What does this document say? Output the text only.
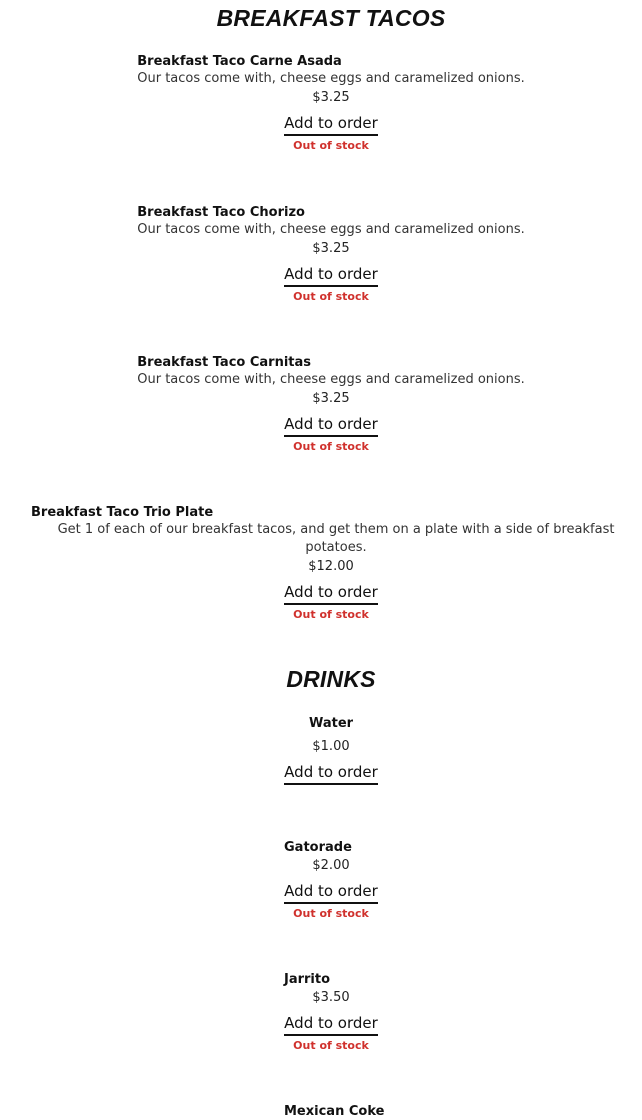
BREAKFAST TACOS
Breakfast Taco Carne Asada
Our tacos come with, cheese eggs and caramelized onions.
$3.25
Add to order
Out of stock
Breakfast Taco Chorizo
Our tacos come with, cheese eggs and caramelized onions.
$3.25
Add to order
Out of stock
Breakfast Taco Carnitas
Our tacos come with, cheese eggs and caramelized onions.
$3.25
Add to order
Out of stock
Breakfast Taco Trio Plate
Get 1 of each of our breakfast tacos, and get them on a plate with a side of breakfast potatoes.
$12.00
Add to order
Out of stock
DRINKS
Water
$1.00
Add to order
Gatorade
$2.00
Add to order
Out of stock
Jarrito
$3.50
Add to order
Out of stock
Mexican Coke
